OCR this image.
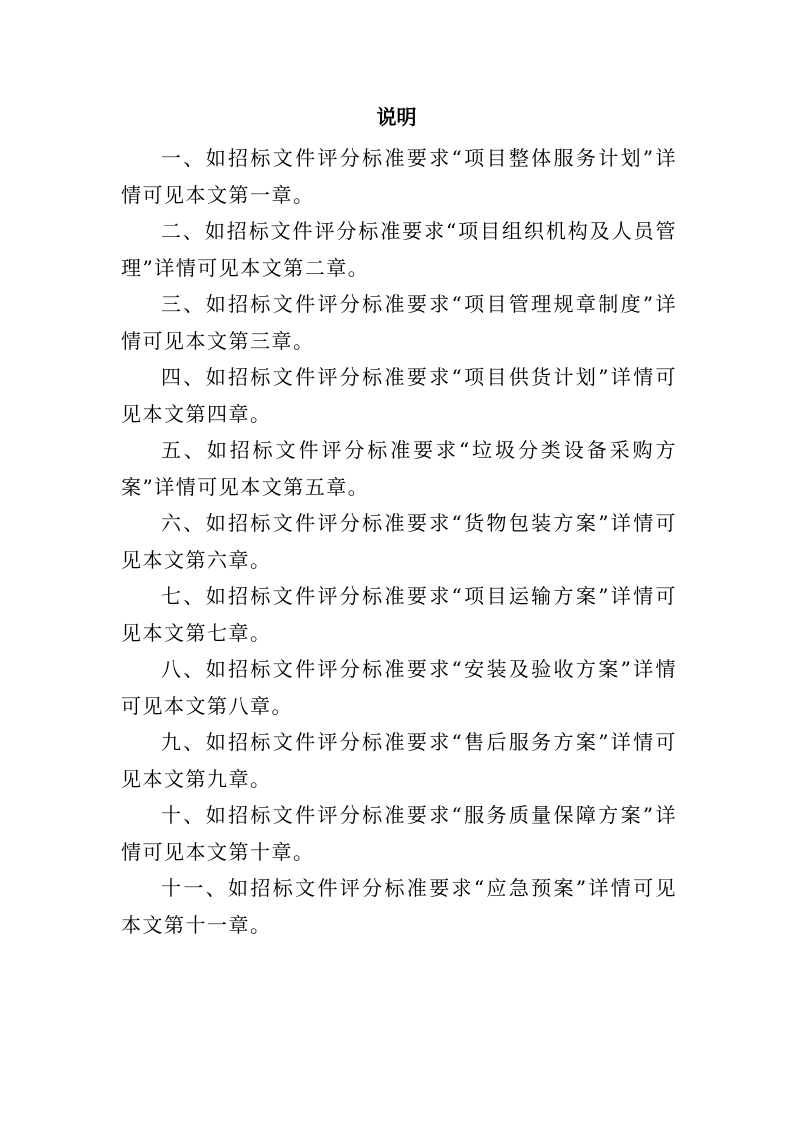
说明

一、如招标文件评分标准要求“项目整体服务计划”详情可见本文第一章。

二、如招标文件评分标准要求“项目组织机构及人员管理”详情可见本文第二章。

三、如招标文件评分标准要求“项目管理规章制度”详情可见本文第三章。

四、如招标文件评分标准要求“项目供货计划”详情可见本文第四章。

五、如招标文件评分标准要求“垃圾分类设备采购方案”详情可见本文第五章。

六、如招标文件评分标准要求“货物包装方案”详情可见本文第六章。

七、如招标文件评分标准要求“项目运输方案”详情可见本文第七章。

八、如招标文件评分标准要求“安装及验收方案”详情可见本文第八章。

九、如招标文件评分标准要求“售后服务方案”详情可见本文第九章。

十、如招标文件评分标准要求“服务质量保障方案”详情可见本文第十章。

十一、如招标文件评分标准要求“应急预案”详情可见本文第十一章。
